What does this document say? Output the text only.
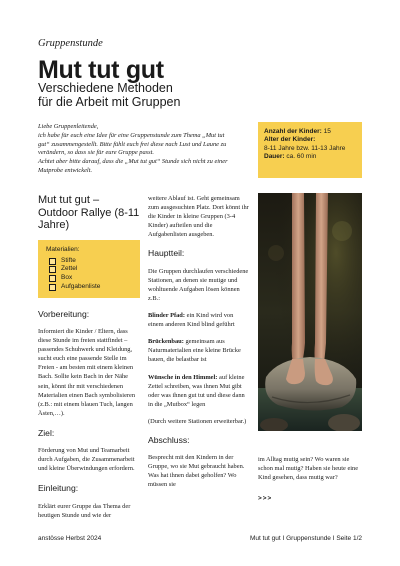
Gruppenstunde
Mut tut gut
Verschiedene Methoden
für die Arbeit mit Gruppen

Liebe Gruppenleitende,

ich habe für euch eine Idee für eine Gruppenstunde zum Thema „Mut tut gut“ zusammengestellt. Bitte fühlt euch frei diese nach Lust und Laune zu verändern, so dass sie für eure Gruppe passt.

Achtet aber bitte darauf, dass die „Mut tut gut“ Stunde sich nicht zu einer Mutprobe entwickelt.

Anzahl der Kinder: 15
Alter der Kinder:
8-11 Jahre bzw. 11-13 Jahre
Dauer: ca. 60 min
Mut tut gut – Outdoor Rallye (8-11 Jahre)
Materialien:
Stifte
Zettel
Box
Aufgabenliste
Vorbereitung:

Informiert die Kinder / Eltern, dass diese Stunde im freien stattfindet – passendes Schuhwerk und Kleidung, sucht euch eine passende Stelle im Freien - am besten mit einem kleinen Bach. Sollte kein Bach in der Nähe sein, könnt ihr mit verschiedenen Materialien einen Bach symbolisieren (z.B.: mit einem blauen Tuch, langen Ästen,…).

Ziel:

Förderung von Mut und Teamarbeit durch Aufgaben, die Zusammenarbeit und kleine Überwindungen erfordern.

Einleitung:

Erklärt eurer Gruppe das Thema der heutigen Stunde und wie der

weitere Ablauf ist. Geht gemeinsam zum ausgesuchten Platz. Dort könnt ihr die Kinder in kleine Gruppen (3-4 Kinder) aufteilen und die Aufgabenlisten ausgeben.

Hauptteil:

Die Gruppen durchlaufen verschiedene Stationen, an denen sie mutige und wohltuende Aufgaben lösen können z.B.:

Blinder Pfad: ein Kind wird von einem anderen Kind blind geführt

Brückenbau: gemeinsam aus Naturmaterialien eine kleine Brücke bauen, die belastbar ist

Wünsche in den Himmel: auf kleine Zettel schreiben, was ihnen Mut gibt oder was ihnen gut tut und diese dann in die „Mutbox“ legen

(Durch weitere Stationen erweiterbar.)

Abschluss:

Besprecht mit den Kindern in der Gruppe, wo sie Mut gebraucht haben. Was hat ihnen dabei geholfen? Wo müssen sie

im Alltag mutig sein? Wo waren sie schon mal mutig? Haben sie heute eine Kind gesehen, dass mutig war?

>>>

anstösse Herbst 2024	Mut tut gut I Gruppenstunde I Seite 1/2
